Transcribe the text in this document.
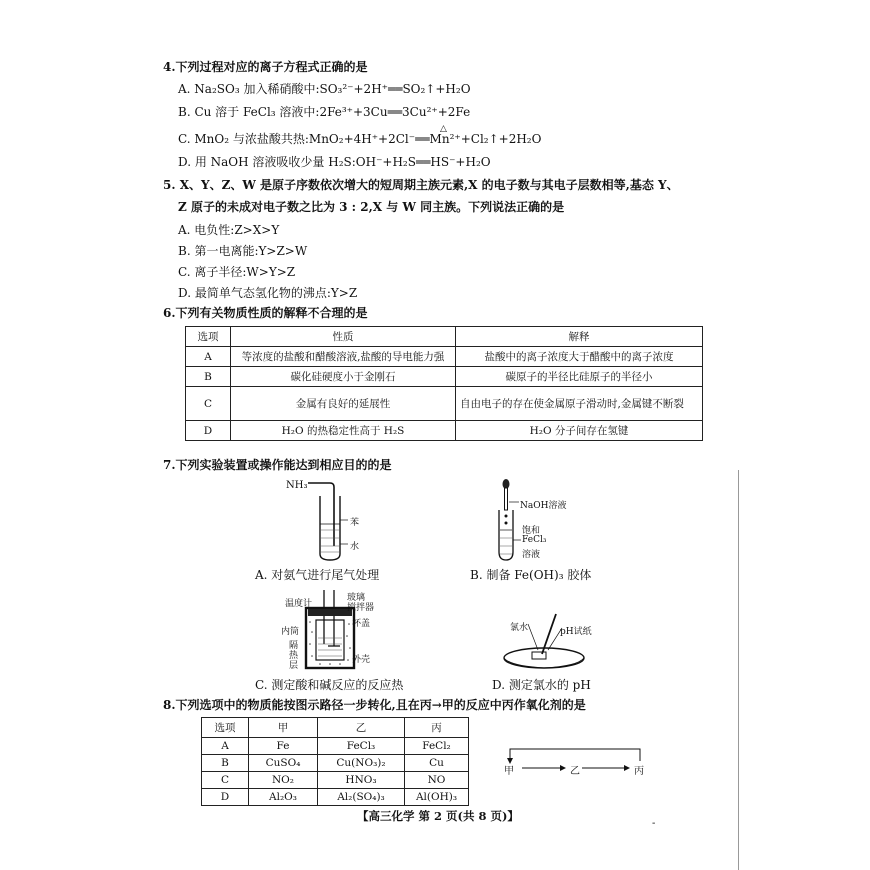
4.下列过程对应的离子方程式正确的是
A. Na₂SO₃ 加入稀硝酸中:SO₃²⁻+2H⁺══SO₂↑+H₂O
B. Cu 溶于 FeCl₃ 溶液中:2Fe³⁺+3Cu══3Cu²⁺+2Fe
△
C. MnO₂ 与浓盐酸共热:MnO₂+4H⁺+2Cl⁻══Mn²⁺+Cl₂↑+2H₂O
D. 用 NaOH 溶液吸收少量 H₂S:OH⁻+H₂S══HS⁻+H₂O
5. X、Y、Z、W 是原子序数依次增大的短周期主族元素,X 的电子数与其电子层数相等,基态 Y、
Z 原子的未成对电子数之比为 3 : 2,X 与 W 同主族。下列说法正确的是
A. 电负性:Z>X>Y
B. 第一电离能:Y>Z>W
C. 离子半径:W>Y>Z
D. 最简单气态氢化物的沸点:Y>Z
6.下列有关物质性质的解释不合理的是
选项	性质	解释
A	等浓度的盐酸和醋酸溶液,盐酸的导电能力强	盐酸中的离子浓度大于醋酸中的离子浓度
B	碳化硅硬度小于金刚石	碳原子的半径比硅原子的半径小
C	金属有良好的延展性	自由电子的存在使金属原子滑动时,金属键不断裂
D	H₂O 的热稳定性高于 H₂S	H₂O 分子间存在氢键
7.下列实验装置或操作能达到相应目的的是
NH₃
苯
水
A. 对氨气进行尾气处理
NaOH溶液
饱和
FeCl₃
溶液
B. 制备 Fe(OH)₃ 胶体
温度计
玻璃
搅拌器
杯盖
内筒
隔
热
层
外壳
C. 测定酸和碱反应的反应热
氯水	pH试纸
D. 测定氯水的 pH
8.下列选项中的物质能按图示路径一步转化,且在丙→甲的反应中丙作氧化剂的是
选项	甲	乙	丙
A	Fe	FeCl₃	FeCl₂
B	CuSO₄	Cu(NO₃)₂	Cu
C	NO₂	HNO₃	NO
D	Al₂O₃	Al₂(SO₄)₃	Al(OH)₃
甲	乙	丙
【高三化学 第 2 页(共 8 页)】
-
